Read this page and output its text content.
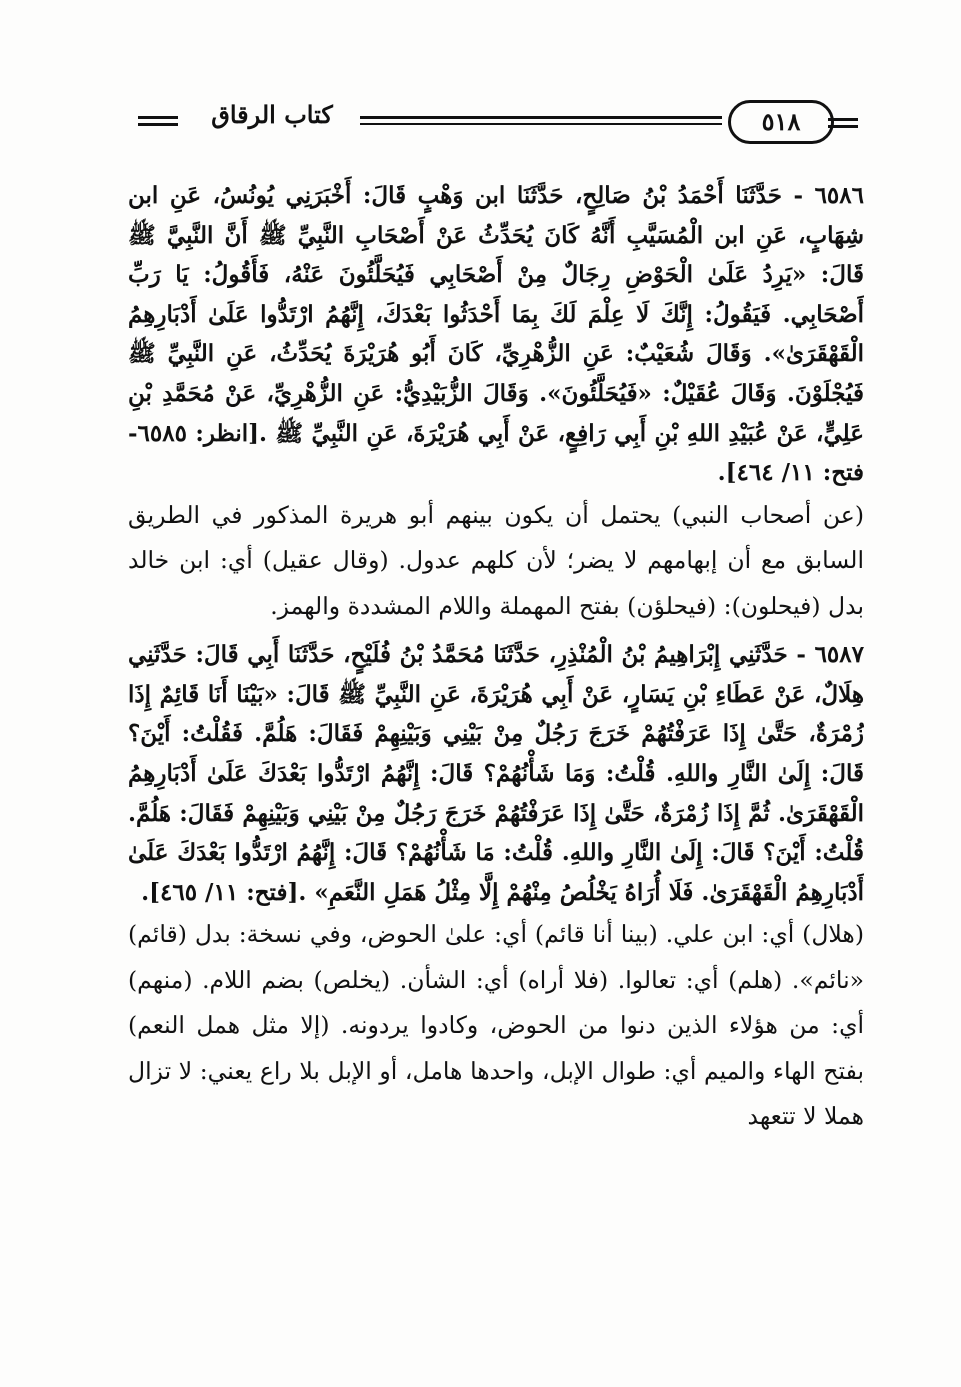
كتاب الرقاق	٥١٨

٦٥٨٦ - حَدَّثَنَا أَحْمَدُ بْنُ صَالِحٍ، حَدَّثَنَا ابن وَهْبٍ قَالَ: أَخْبَرَنِي يُونُسُ، عَنِ ابن شِهَابٍ، عَنِ ابن الْمُسَيَّبِ أَنَّهُ كَانَ يُحَدِّثُ عَنْ أَصْحَابِ النَّبِيِّ ﷺ أَنَّ النَّبِيَّ ﷺ قَالَ: «يَرِدُ عَلَىٰ الْحَوْضِ رِجَالٌ مِنْ أَصْحَابِي فَيُحَلَّئُونَ عَنْهُ، فَأَقُولُ: يَا رَبِّ أَصْحَابِي. فَيَقُولُ: إِنَّكَ لَا عِلْمَ لَكَ بِمَا أَحْدَثُوا بَعْدَكَ، إِنَّهُمُ ارْتَدُّوا عَلَىٰ أَدْبَارِهِمُ الْقَهْقَرَىٰ». وَقَالَ شُعَيْبٌ: عَنِ الزُّهْرِيِّ، كَانَ أَبُو هُرَيْرَةَ يُحَدِّثُ، عَنِ النَّبِيِّ ﷺ فَيُجْلَوْنَ. وَقَالَ عُقَيْلٌ: «فَيُحَلَّئُونَ». وَقَالَ الزُّبَيْدِيُّ: عَنِ الزُّهْرِيِّ، عَنْ مُحَمَّدِ بْنِ عَلِيٍّ، عَنْ عُبَيْدِ اللهِ بْنِ أَبِي رَافِعٍ، عَنْ أَبِي هُرَيْرَةَ، عَنِ النَّبِيِّ ﷺ .[انظر: ٦٥٨٥- فتح: ١١/ ٤٦٤].

(عن أصحاب النبي) يحتمل أن يكون بينهم أبو هريرة المذكور في الطريق السابق مع أن إبهامهم لا يضر؛ لأن كلهم عدول. (وقال عقيل) أي: ابن خالد بدل (فيحلون): (فيحلؤن) بفتح المهملة واللام المشددة والهمز.

٦٥٨٧ - حَدَّثَنِي إِبْرَاهِيمُ بْنُ الْمُنْذِرِ، حَدَّثَنَا مُحَمَّدُ بْنُ فُلَيْحٍ، حَدَّثَنَا أَبِي قَالَ: حَدَّثَنِي هِلَالٌ، عَنْ عَطَاءِ بْنِ يَسَارٍ، عَنْ أَبِي هُرَيْرَةَ، عَنِ النَّبِيِّ ﷺ قَالَ: «بَيْنَا أَنَا قَائِمٌ إِذَا زُمْرَةٌ، حَتَّىٰ إِذَا عَرَفْتُهُمْ خَرَجَ رَجُلٌ مِنْ بَيْنِي وَبَيْنِهِمْ فَقَالَ: هَلُمَّ. فَقُلْتُ: أَيْنَ؟ قَالَ: إِلَىٰ النَّارِ واللهِ. قُلْتُ: وَمَا شَأْنُهُمْ؟ قَالَ: إِنَّهُمُ ارْتَدُّوا بَعْدَكَ عَلَىٰ أَدْبَارِهِمُ الْقَهْقَرَىٰ. ثُمَّ إِذَا زُمْرَةٌ، حَتَّىٰ إِذَا عَرَفْتُهُمْ خَرَجَ رَجُلٌ مِنْ بَيْنِي وَبَيْنِهِمْ فَقَالَ: هَلُمَّ. قُلْتُ: أَيْنَ؟ قَالَ: إِلَىٰ النَّارِ واللهِ. قُلْتُ: مَا شَأْنُهُمْ؟ قَالَ: إِنَّهُمُ ارْتَدُّوا بَعْدَكَ عَلَىٰ أَدْبَارِهِمُ الْقَهْقَرَىٰ. فَلَا أُرَاهُ يَخْلُصُ مِنْهُمْ إِلَّا مِثْلُ هَمَلِ النَّعَمِ» .[فتح: ١١/ ٤٦٥].

(هلال) أي: ابن علي. (بينا أنا قائم) أي: علىٰ الحوض، وفي نسخة: بدل (قائم) «نائم». (هلم) أي: تعالوا. (فلا أراه) أي: الشأن. (يخلص) بضم اللام. (منهم) أي: من هؤلاء الذين دنوا من الحوض، وكادوا يردونه. (إلا مثل همل النعم) بفتح الهاء والميم أي: طوال الإبل، واحدها هامل، أو الإبل بلا راع يعني: لا تزال هملا لا تتعهد
